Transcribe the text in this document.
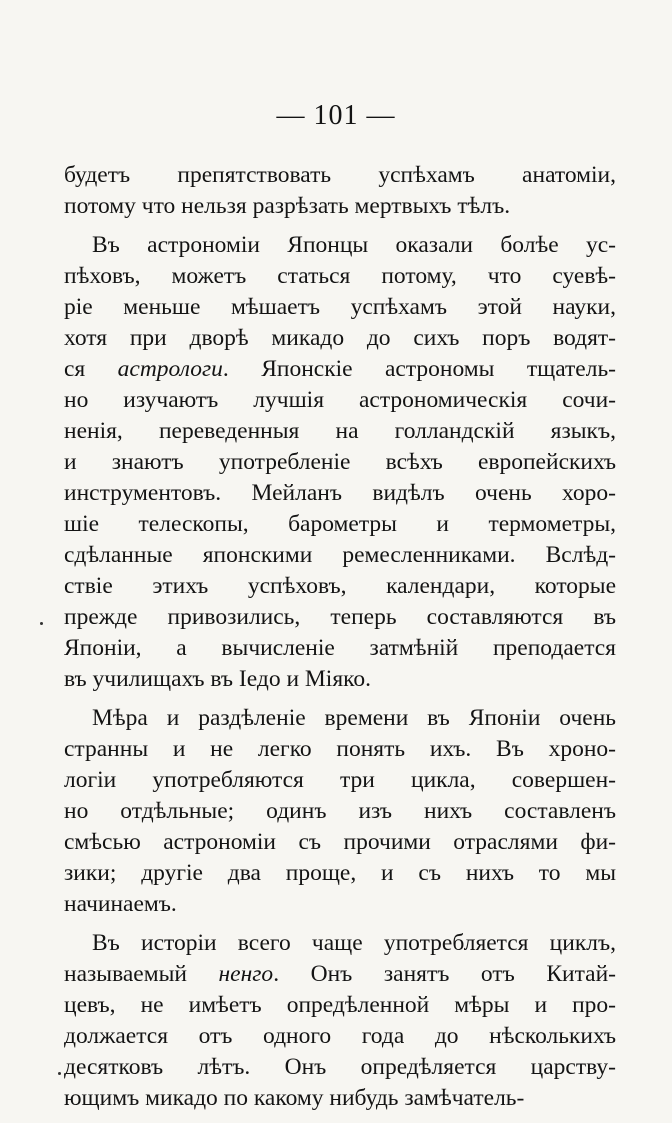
— 101 —
будетъ препятствовать успѣхамъ анатоміи,
потому что нельзя разрѣзать мертвыхъ тѣлъ.
Въ астрономіи Японцы оказали болѣе ус-
пѣховъ, можетъ статься потому, что суевѣ-
ріе меньше мѣшаетъ успѣхамъ этой науки,
хотя при дворѣ микадо до сихъ поръ водят-
ся астрологи. Японскіе астрономы тщатель-
но изучаютъ лучшія астрономическія сочи-
ненія, переведенныя на голландскій языкъ,
и знаютъ употребленіе всѣхъ европейскихъ
инструментовъ. Мейланъ видѣлъ очень хоро-
шіе телескопы, барометры и термометры,
сдѣланные японскими ремесленниками. Вслѣд-
ствіе этихъ успѣховъ, календари, которые
прежде привозились, теперь составляются въ
Японіи, а вычисленіе затмѣній преподается
въ училищахъ въ Іедо и Міяко.
Мѣра и раздѣленіе времени въ Японіи очень
странны и не легко понять ихъ. Въ хроно-
логіи употребляются три цикла, совершен-
но отдѣльные; одинъ изъ нихъ составленъ
смѣсью астрономіи съ прочими отраслями фи-
зики; другіе два проще, и съ нихъ то мы
начинаемъ.
Въ исторіи всего чаще употребляется циклъ,
называемый ненго. Онъ занятъ отъ Китай-
цевъ, не имѣетъ опредѣленной мѣры и про-
должается отъ одного года до нѣсколькихъ
десятковъ лѣтъ. Онъ опредѣляется царству-
ющимъ микадо по какому нибудь замѣчатель-
